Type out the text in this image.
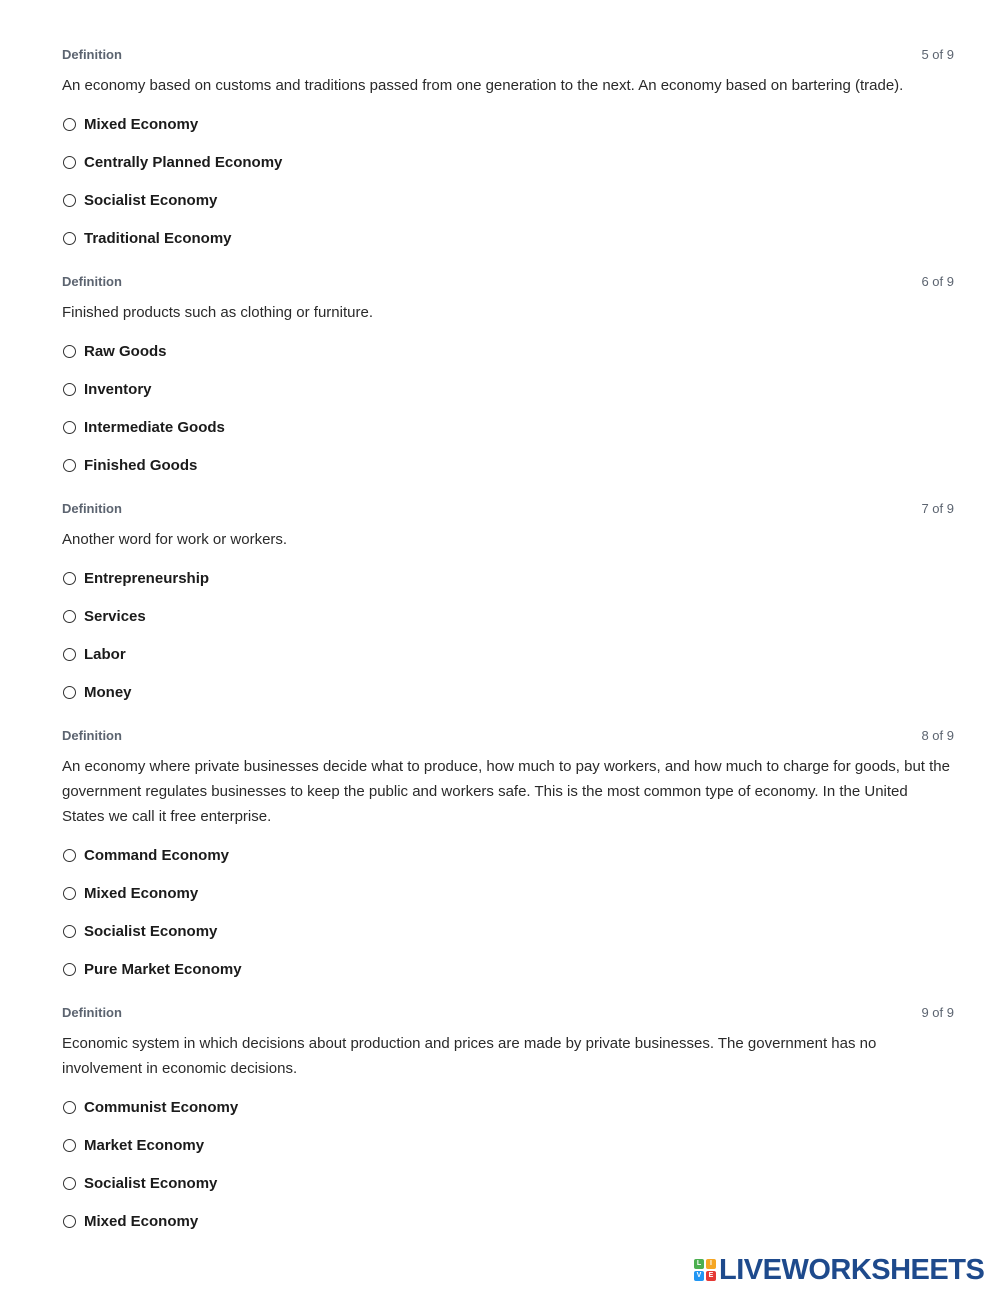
Definition	5 of 9
An economy based on customs and traditions passed from one generation to the next. An economy based on bartering (trade).
Mixed Economy
Centrally Planned Economy
Socialist Economy
Traditional Economy
Definition	6 of 9
Finished products such as clothing or furniture.
Raw Goods
Inventory
Intermediate Goods
Finished Goods
Definition	7 of 9
Another word for work or workers.
Entrepreneurship
Services
Labor
Money
Definition	8 of 9
An economy where private businesses decide what to produce, how much to pay workers, and how much to charge for goods, but the government regulates businesses to keep the public and workers safe. This is the most common type of economy. In the United States we call it free enterprise.
Command Economy
Mixed Economy
Socialist Economy
Pure Market Economy
Definition	9 of 9
Economic system in which decisions about production and prices are made by private businesses. The government has no involvement in economic decisions.
Communist Economy
Market Economy
Socialist Economy
Mixed Economy
L	I
V	E LIVEWORKSHEETS
